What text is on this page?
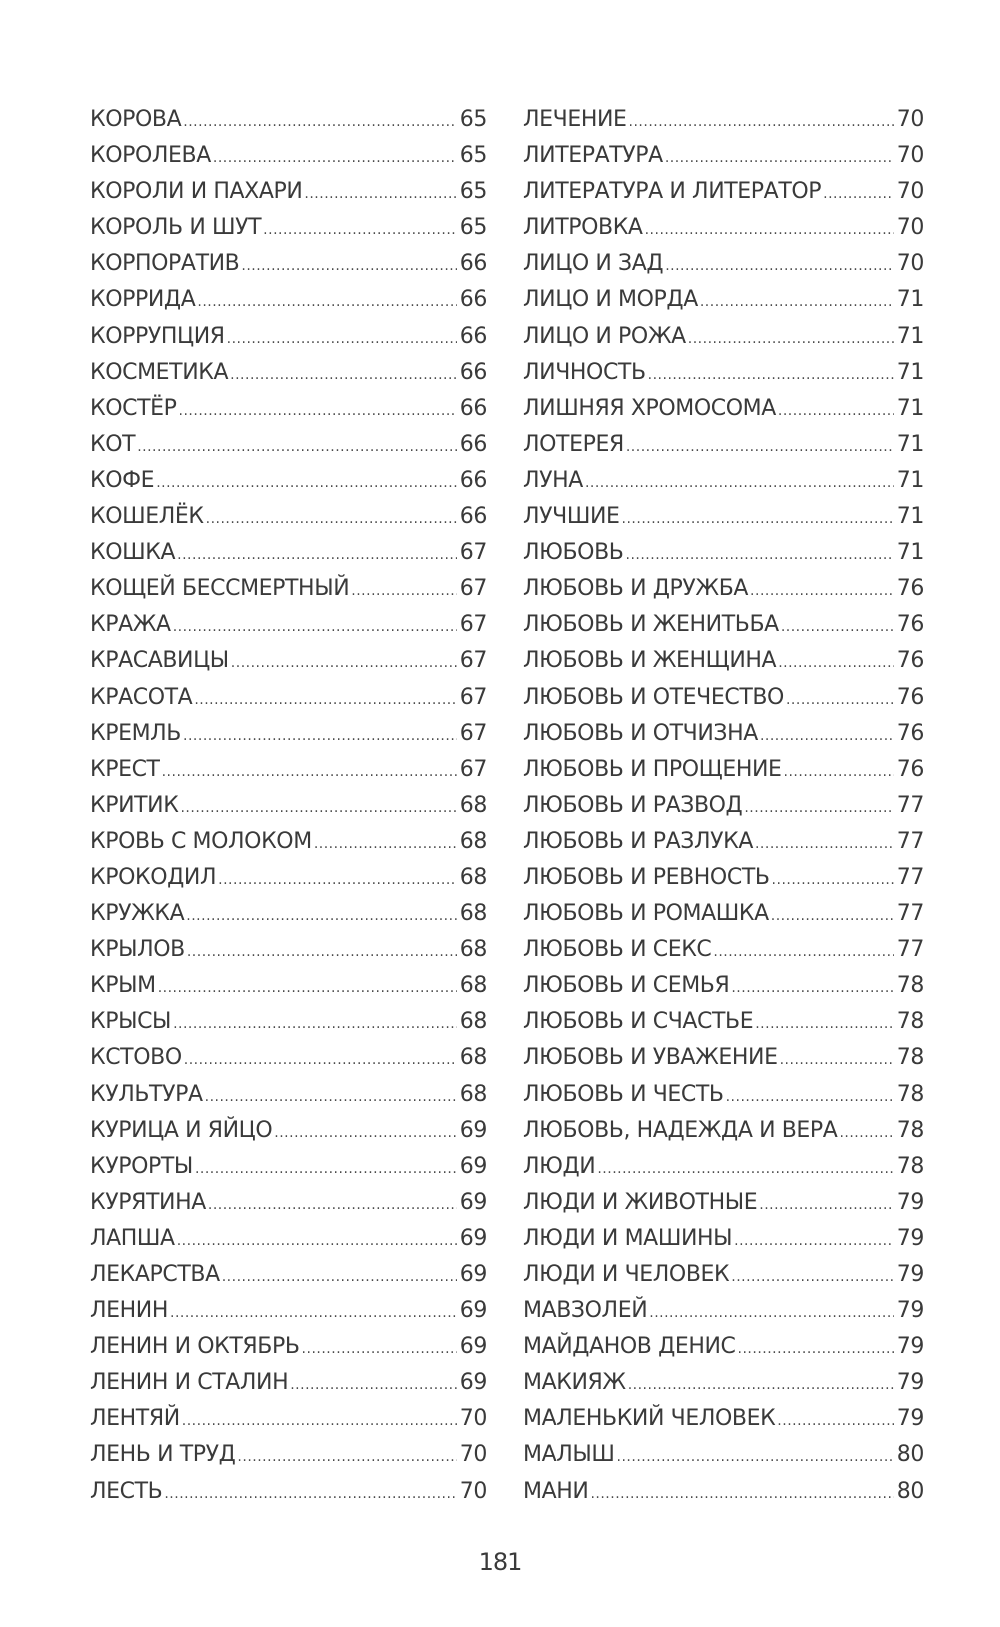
КОРОВА .....	65
КОРОЛЕВА .....	65
КОРОЛИ И ПАХАРИ .....	65
КОРОЛЬ И ШУТ .....	65
КОРПОРАТИВ .....	66
КОРРИДА .....	66
КОРРУПЦИЯ .....	66
КОСМЕТИКА .....	66
КОСТЁР .....	66
КОТ .....	66
КОФЕ .....	66
КОШЕЛЁК .....	66
КОШКА .....	67
КОЩЕЙ БЕССМЕРТНЫЙ .....	67
КРАЖА .....	67
КРАСАВИЦЫ .....	67
КРАСОТА .....	67
КРЕМЛЬ .....	67
КРЕСТ .....	67
КРИТИК .....	68
КРОВЬ С МОЛОКОМ .....	68
КРОКОДИЛ .....	68
КРУЖКА .....	68
КРЫЛОВ .....	68
КРЫМ .....	68
КРЫСЫ .....	68
КСТОВО .....	68
КУЛЬТУРА .....	68
КУРИЦА И ЯЙЦО .....	69
КУРОРТЫ .....	69
КУРЯТИНА .....	69
ЛАПША .....	69
ЛЕКАРСТВА .....	69
ЛЕНИН .....	69
ЛЕНИН И ОКТЯБРЬ .....	69
ЛЕНИН И СТАЛИН .....	69
ЛЕНТЯЙ .....	70
ЛЕНЬ И ТРУД .....	70
ЛЕСТЬ .....	70
ЛЕЧЕНИЕ .....	70
ЛИТЕРАТУРА .....	70
ЛИТЕРАТУРА И ЛИТЕРАТОР .....	70
ЛИТРОВКА .....	70
ЛИЦО И ЗАД .....	70
ЛИЦО И МОРДА .....	71
ЛИЦО И РОЖА .....	71
ЛИЧНОСТЬ .....	71
ЛИШНЯЯ ХРОМОСОМА .....	71
ЛОТЕРЕЯ .....	71
ЛУНА .....	71
ЛУЧШИЕ .....	71
ЛЮБОВЬ .....	71
ЛЮБОВЬ И ДРУЖБА .....	76
ЛЮБОВЬ И ЖЕНИТЬБА .....	76
ЛЮБОВЬ И ЖЕНЩИНА .....	76
ЛЮБОВЬ И ОТЕЧЕСТВО .....	76
ЛЮБОВЬ И ОТЧИЗНА .....	76
ЛЮБОВЬ И ПРОЩЕНИЕ .....	76
ЛЮБОВЬ И РАЗВОД .....	77
ЛЮБОВЬ И РАЗЛУКА .....	77
ЛЮБОВЬ И РЕВНОСТЬ .....	77
ЛЮБОВЬ И РОМАШКА .....	77
ЛЮБОВЬ И СЕКС .....	77
ЛЮБОВЬ И СЕМЬЯ .....	78
ЛЮБОВЬ И СЧАСТЬЕ .....	78
ЛЮБОВЬ И УВАЖЕНИЕ .....	78
ЛЮБОВЬ И ЧЕСТЬ .....	78
ЛЮБОВЬ, НАДЕЖДА И ВЕРА .....	78
ЛЮДИ .....	78
ЛЮДИ И ЖИВОТНЫЕ .....	79
ЛЮДИ И МАШИНЫ .....	79
ЛЮДИ И ЧЕЛОВЕК .....	79
МАВЗОЛЕЙ .....	79
МАЙДАНОВ ДЕНИС .....	79
МАКИЯЖ .....	79
МАЛЕНЬКИЙ ЧЕЛОВЕК .....	79
МАЛЫШ .....	80
МАНИ .....	80
181
